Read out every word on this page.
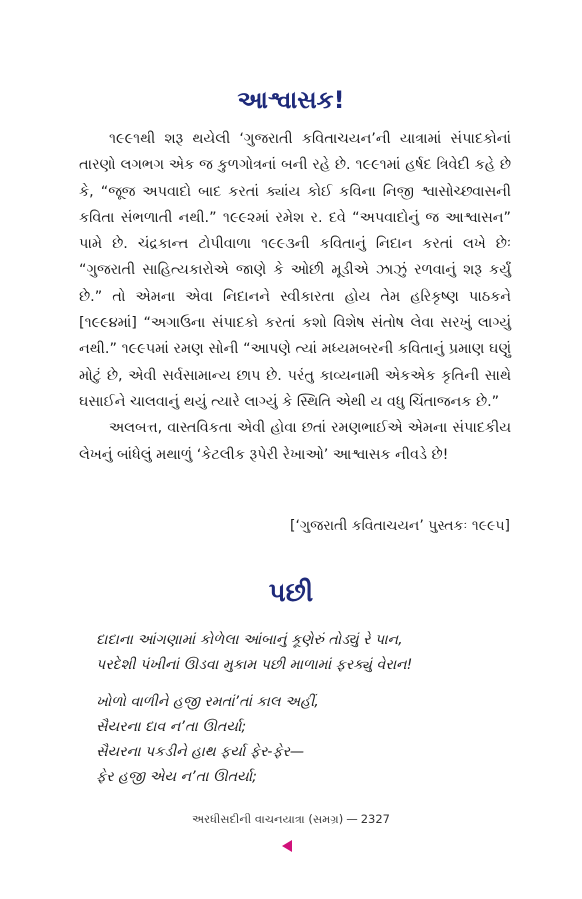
આશ્વાસક!

૧૯૯૧થી શરૂ થયેલી ‘ગુજરાતી કવિતાચયન’ની યાત્રામાં સંપાદકોનાં તારણો લગભગ એક જ કુળગોત્રનાં બની રહે છે. ૧૯૯૧માં હર્ષદ ત્રિવેદી કહે છે કે, “જૂજ અપવાદો બાદ કરતાં ક્યાંય કોઈ કવિના નિજી શ્વાસોચ્છ્વાસની કવિતા સંભળાતી નથી.” ૧૯૯૨માં રમેશ ર. દવે “અપવાદોનું જ આશ્વાસન” પામે છે. ચંદ્રકાન્ત ટોપીવાળા ૧૯૯૩ની કવિતાનું નિદાન કરતાં લખે છેઃ “ગુજરાતી સાહિત્યકારોએ જાણે કે ઓછી મૂડીએ ઝાઝું રળવાનું શરૂ કર્યું છે.” તો એમના એવા નિદાનને સ્વીકારતા હોય તેમ હરિકૃષ્ણ પાઠકને [૧૯૯૪માં] “અગાઉના સંપાદકો કરતાં કશો વિશેષ સંતોષ લેવા સરખું લાગ્યું નથી.” ૧૯૯૫માં રમણ સોની “આપણે ત્યાં મધ્યમબરની કવિતાનું પ્રમાણ ઘણું મોટું છે, એવી સર્વસામાન્ય છાપ છે. પરંતુ કાવ્યનામી એકએક કૃતિની સાથે ઘસાઈને ચાલવાનું થયું ત્યારે લાગ્યું કે સ્થિતિ એથી ય વધુ ચિંતાજનક છે.”

અલબત્ત, વાસ્તવિકતા એવી હોવા છતાં રમણભાઈએ એમના સંપાદકીય લેખનું બાંધેલું મથાળું ‘કેટલીક રૂપેરી રેખાઓ’ આશ્વાસક નીવડે છે!

[‘ગુજરાતી કવિતાચયન’ પુસ્તકઃ ૧૯૯૫]

પછી
દાદાના આંગણામાં કોળેલા આંબાનું કૂણેરું તોડ્યું રે પાન,
પરદેશી પંખીનાં ઊડવા મુકામ પછી માળામાં ફરક્યું વેરાન!
ખોળો વાળીને હજી રમતાં’તાં કાલ અહીં,
સૈયરના દાવ ન’તા ઊતર્યા;
સૈયરના પકડીને હાથ ફર્યા ફેર-ફેર—
ફેર હજી એય ન’તા ઊતર્યા;

અરધીસદીની વાચનયાત્રા (સમગ્ર) — 2327
